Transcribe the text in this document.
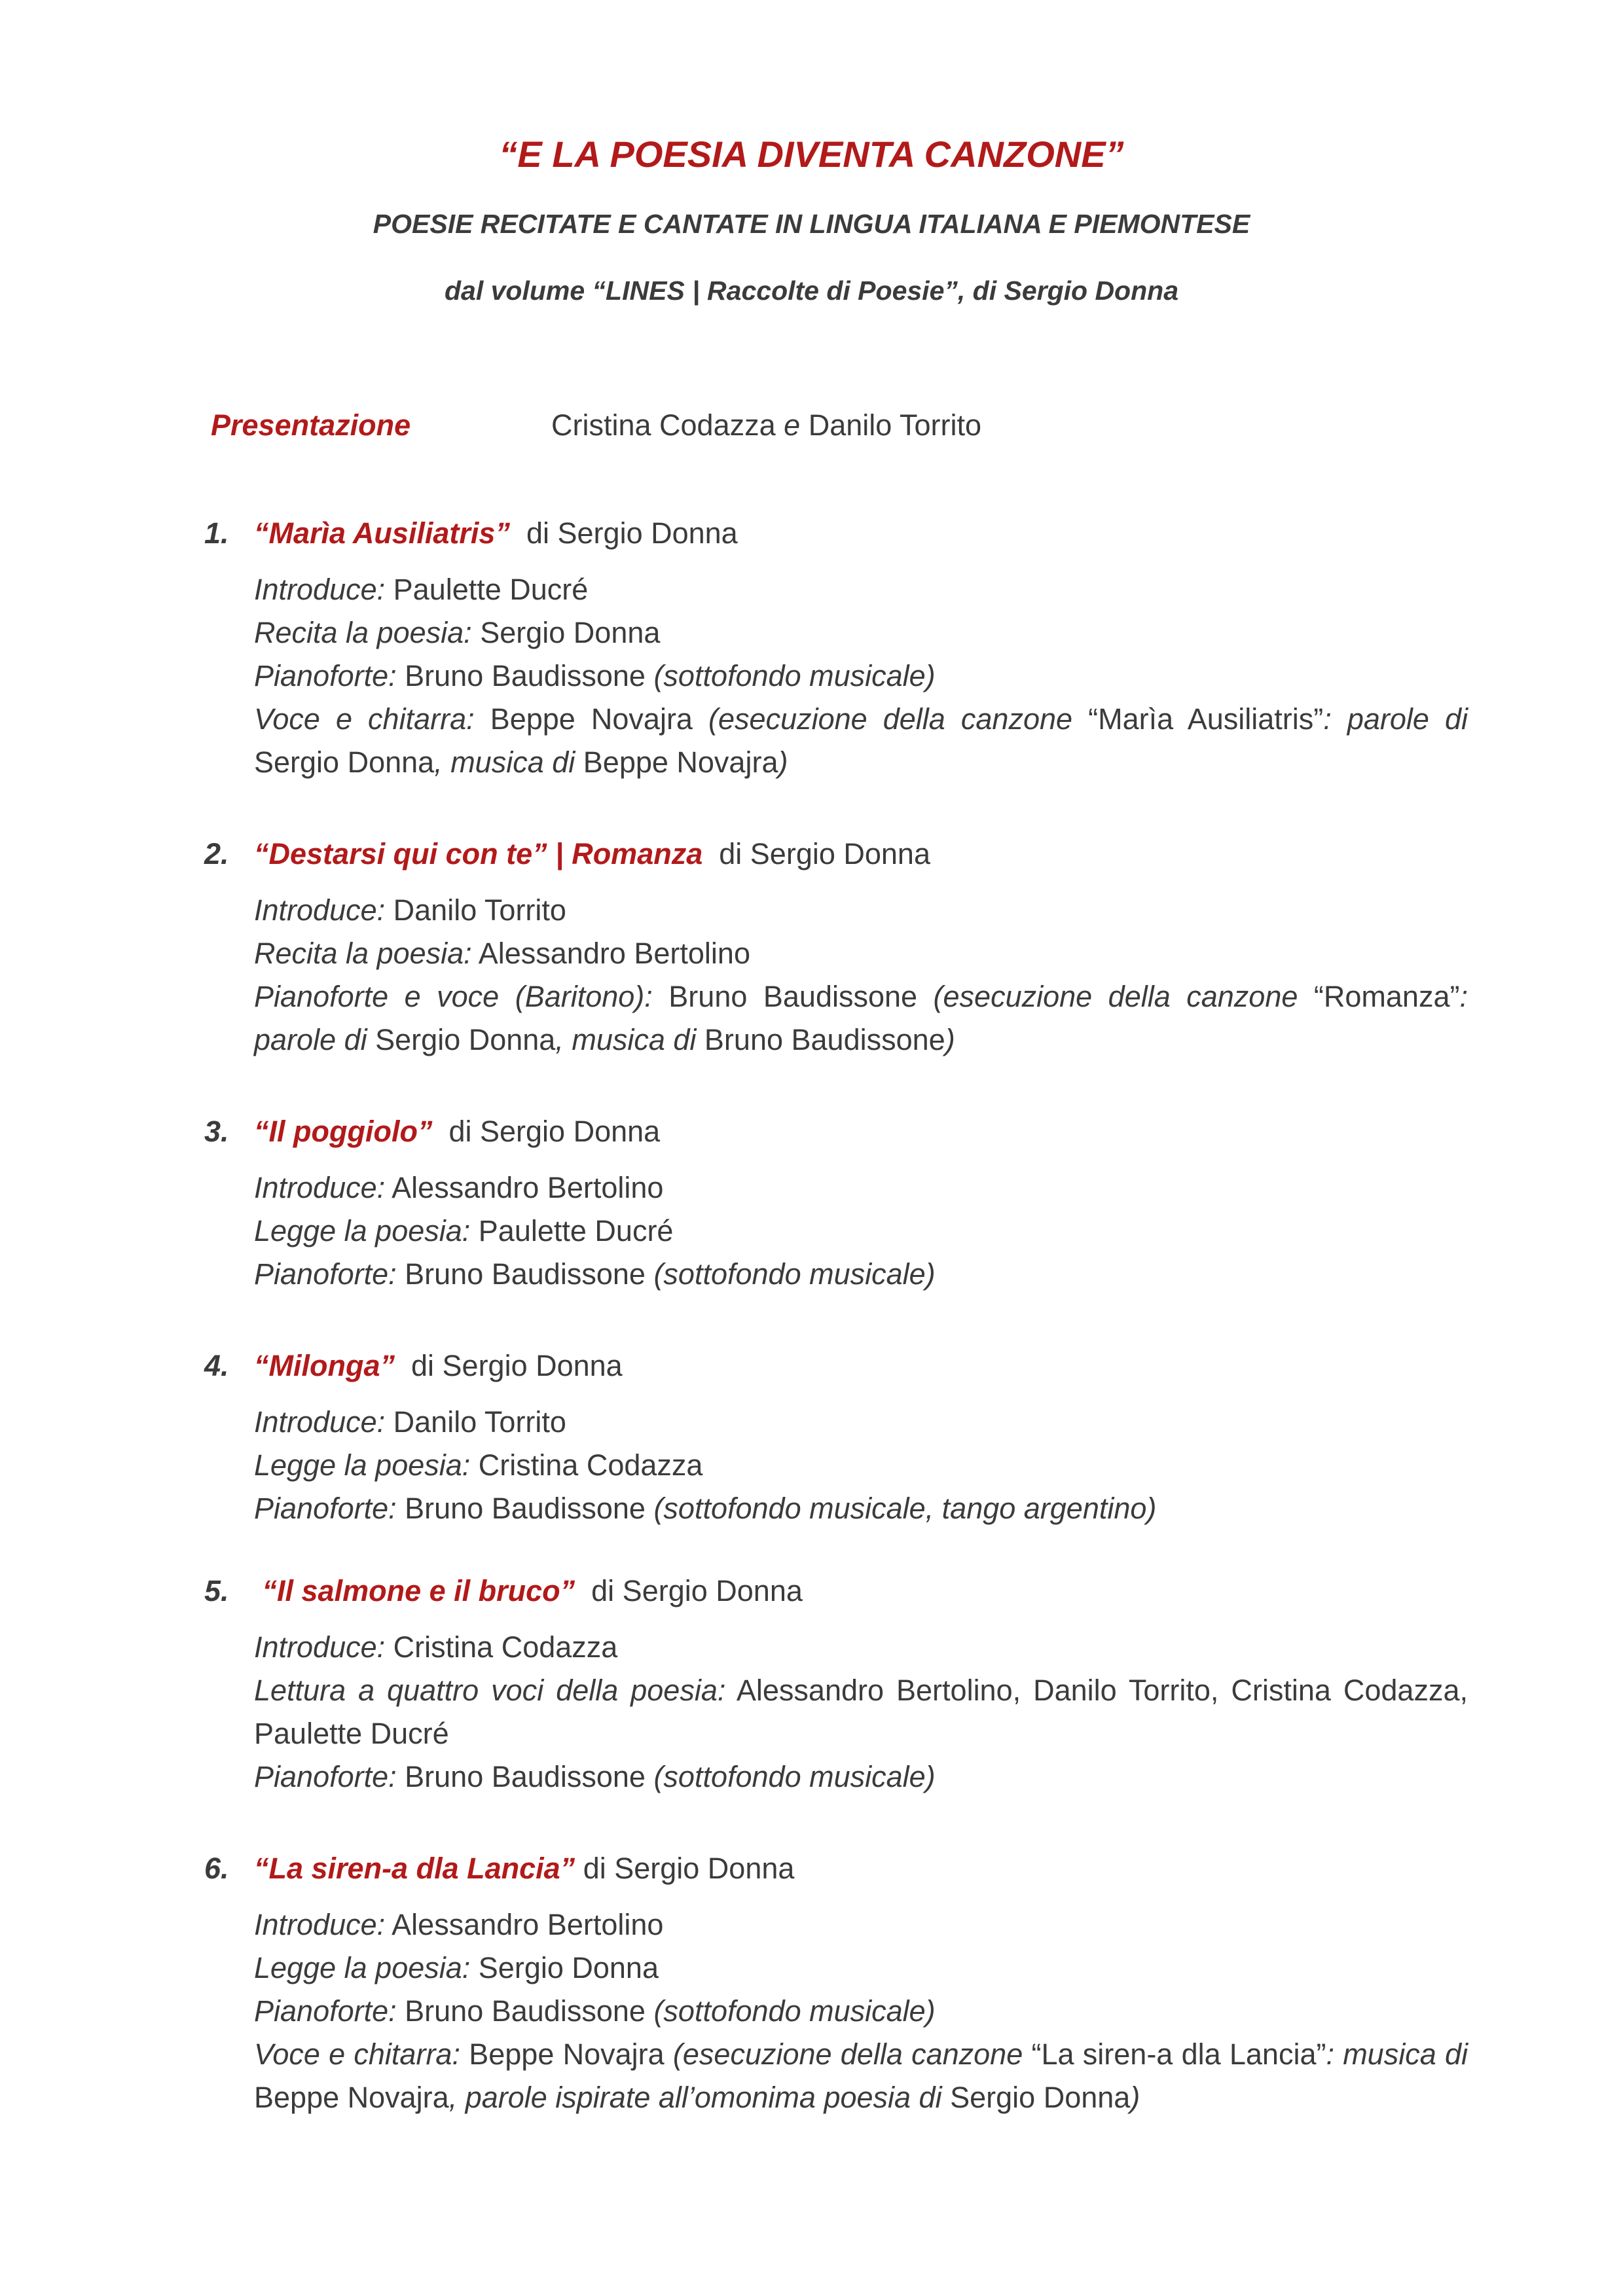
“E LA POESIA DIVENTA CANZONE”
POESIE RECITATE E CANTATE IN LINGUA ITALIANA E PIEMONTESE
dal volume “LINES | Raccolte di Poesie”, di Sergio Donna
Presentazione	Cristina Codazza e Danilo Torrito
1. “Marìa Ausiliatris” di Sergio Donna
Introduce: Paulette Ducré
Recita la poesia: Sergio Donna
Pianoforte: Bruno Baudissone (sottofondo musicale)
Voce e chitarra: Beppe Novajra (esecuzione della canzone “Marìa Ausiliatris”: parole di Sergio Donna, musica di Beppe Novajra)
2. “Destarsi qui con te” | Romanza di Sergio Donna
Introduce: Danilo Torrito
Recita la poesia: Alessandro Bertolino
Pianoforte e voce (Baritono): Bruno Baudissone (esecuzione della canzone “Romanza”: parole di Sergio Donna, musica di Bruno Baudissone)
3. “Il poggiolo” di Sergio Donna
Introduce: Alessandro Bertolino
Legge la poesia: Paulette Ducré
Pianoforte: Bruno Baudissone (sottofondo musicale)
4. “Milonga” di Sergio Donna
Introduce: Danilo Torrito
Legge la poesia: Cristina Codazza
Pianoforte: Bruno Baudissone (sottofondo musicale, tango argentino)
5. “Il salmone e il bruco” di Sergio Donna
Introduce: Cristina Codazza
Lettura a quattro voci della poesia: Alessandro Bertolino, Danilo Torrito, Cristina Codazza, Paulette Ducré
Pianoforte: Bruno Baudissone (sottofondo musicale)
6. “La siren-a dla Lancia” di Sergio Donna
Introduce: Alessandro Bertolino
Legge la poesia: Sergio Donna
Pianoforte: Bruno Baudissone (sottofondo musicale)
Voce e chitarra: Beppe Novajra (esecuzione della canzone “La siren-a dla Lancia”: musica di Beppe Novajra, parole ispirate all’omonima poesia di Sergio Donna)
